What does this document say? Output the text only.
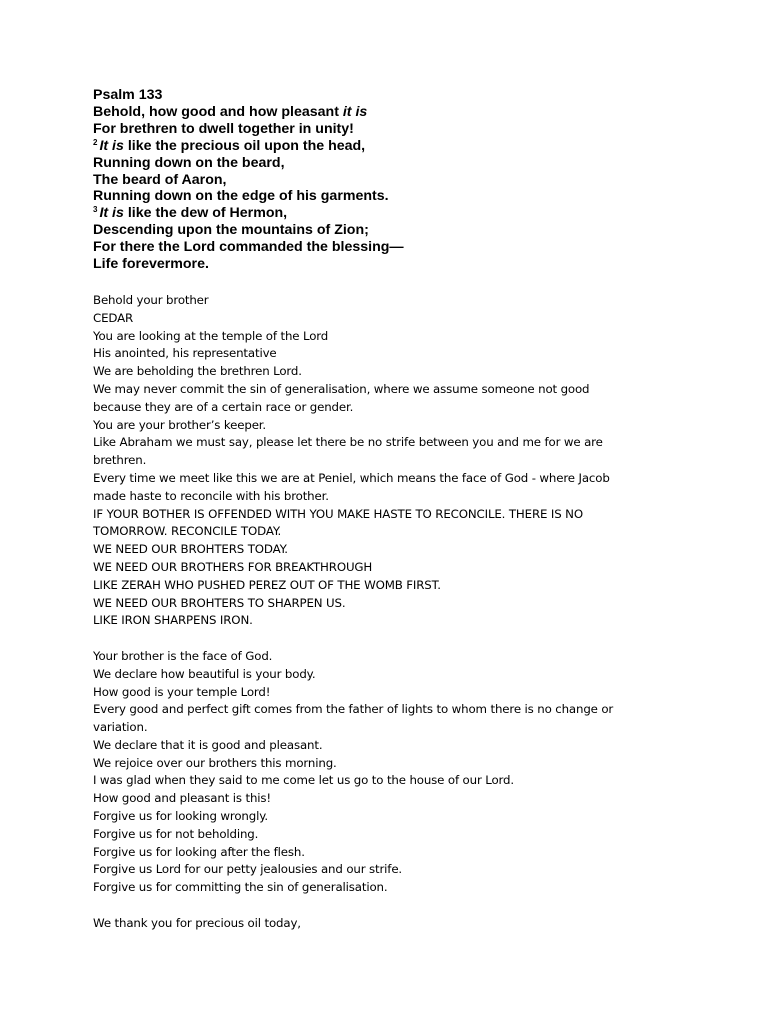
Psalm 133
Behold, how good and how pleasant it is
For brethren to dwell together in unity!
$^2$ It is like the precious oil upon the head,
Running down on the beard,
The beard of Aaron,
Running down on the edge of his garments.
$^3$ It is like the dew of Hermon,
Descending upon the mountains of Zion;
For there the Lord commanded the blessing—
Life forevermore.
Behold your brother
CEDAR
You are looking at the temple of the Lord
His anointed, his representative
We are beholding the brethren Lord.
We may never commit the sin of generalisation, where we assume someone not good
because they are of a certain race or gender.
You are your brother’s keeper.
Like Abraham we must say, please let there be no strife between you and me for we are
brethren.
Every time we meet like this we are at Peniel, which means the face of God - where Jacob
made haste to reconcile with his brother.
IF YOUR BOTHER IS OFFENDED WITH YOU MAKE HASTE TO RECONCILE. THERE IS NO
TOMORROW. RECONCILE TODAY.
WE NEED OUR BROHTERS TODAY.
WE NEED OUR BROTHERS FOR BREAKTHROUGH
LIKE ZERAH WHO PUSHED PEREZ OUT OF THE WOMB FIRST.
WE NEED OUR BROHTERS TO SHARPEN US.
LIKE IRON SHARPENS IRON.
Your brother is the face of God.
We declare how beautiful is your body.
How good is your temple Lord!
Every good and perfect gift comes from the father of lights to whom there is no change or
variation.
We declare that it is good and pleasant.
We rejoice over our brothers this morning.
I was glad when they said to me come let us go to the house of our Lord.
How good and pleasant is this!
Forgive us for looking wrongly.
Forgive us for not beholding.
Forgive us for looking after the flesh.
Forgive us Lord for our petty jealousies and our strife.
Forgive us for committing the sin of generalisation.
We thank you for precious oil today,
